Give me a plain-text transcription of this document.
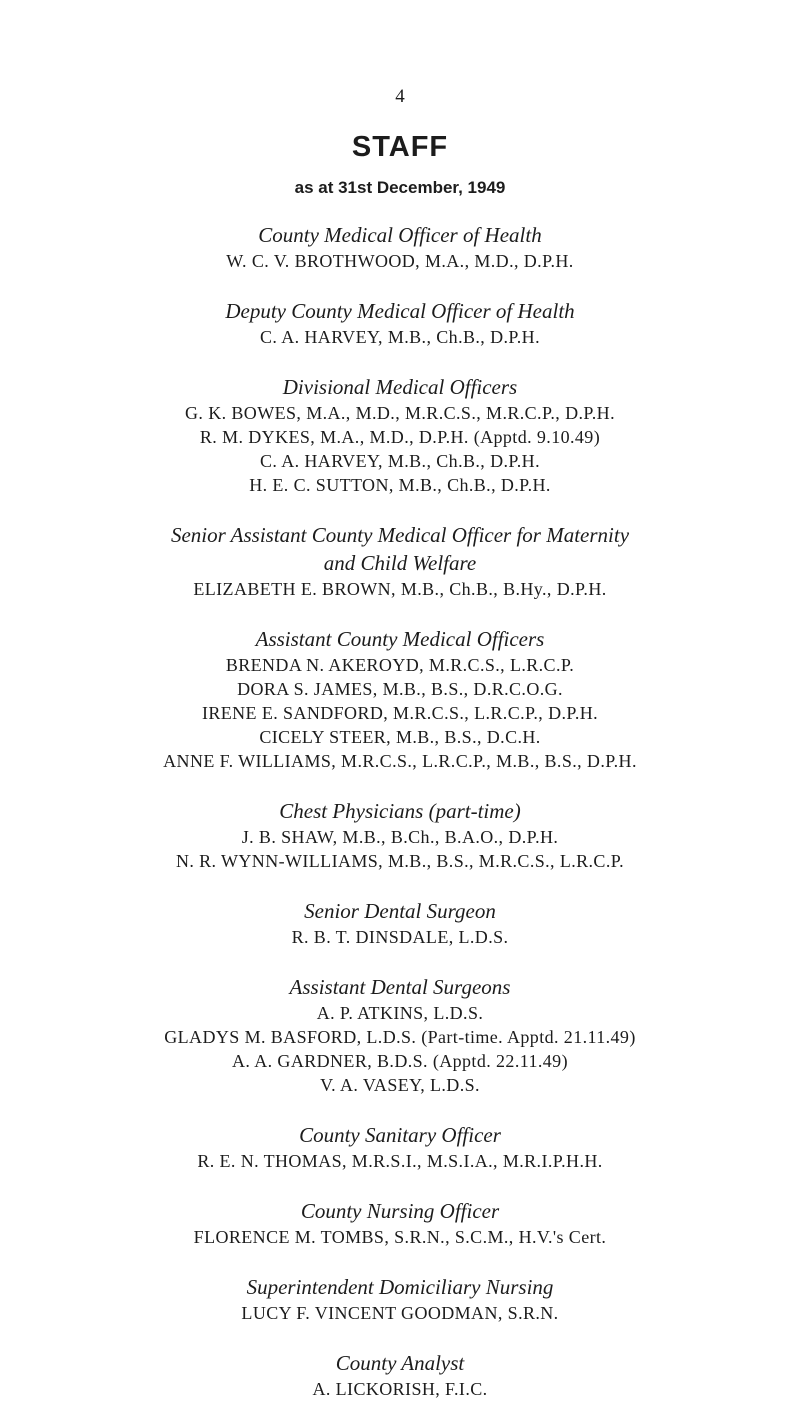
4
STAFF
as at 31st December, 1949
County Medical Officer of Health
W. C. V. BROTHWOOD, M.A., M.D., D.P.H.
Deputy County Medical Officer of Health
C. A. HARVEY, M.B., Ch.B., D.P.H.
Divisional Medical Officers
G. K. BOWES, M.A., M.D., M.R.C.S., M.R.C.P., D.P.H.
R. M. DYKES, M.A., M.D., D.P.H. (Apptd. 9.10.49)
C. A. HARVEY, M.B., Ch.B., D.P.H.
H. E. C. SUTTON, M.B., Ch.B., D.P.H.
Senior Assistant County Medical Officer for Maternity
and Child Welfare
ELIZABETH E. BROWN, M.B., Ch.B., B.Hy., D.P.H.
Assistant County Medical Officers
BRENDA N. AKEROYD, M.R.C.S., L.R.C.P.
DORA S. JAMES, M.B., B.S., D.R.C.O.G.
IRENE E. SANDFORD, M.R.C.S., L.R.C.P., D.P.H.
CICELY STEER, M.B., B.S., D.C.H.
ANNE F. WILLIAMS, M.R.C.S., L.R.C.P., M.B., B.S., D.P.H.
Chest Physicians (part-time)
J. B. SHAW, M.B., B.Ch., B.A.O., D.P.H.
N. R. WYNN-WILLIAMS, M.B., B.S., M.R.C.S., L.R.C.P.
Senior Dental Surgeon
R. B. T. DINSDALE, L.D.S.
Assistant Dental Surgeons
A. P. ATKINS, L.D.S.
GLADYS M. BASFORD, L.D.S. (Part-time. Apptd. 21.11.49)
A. A. GARDNER, B.D.S. (Apptd. 22.11.49)
V. A. VASEY, L.D.S.
County Sanitary Officer
R. E. N. THOMAS, M.R.S.I., M.S.I.A., M.R.I.P.H.H.
County Nursing Officer
FLORENCE M. TOMBS, S.R.N., S.C.M., H.V.'s Cert.
Superintendent Domiciliary Nursing
LUCY F. VINCENT GOODMAN, S.R.N.
County Analyst
A. LICKORISH, F.I.C.
